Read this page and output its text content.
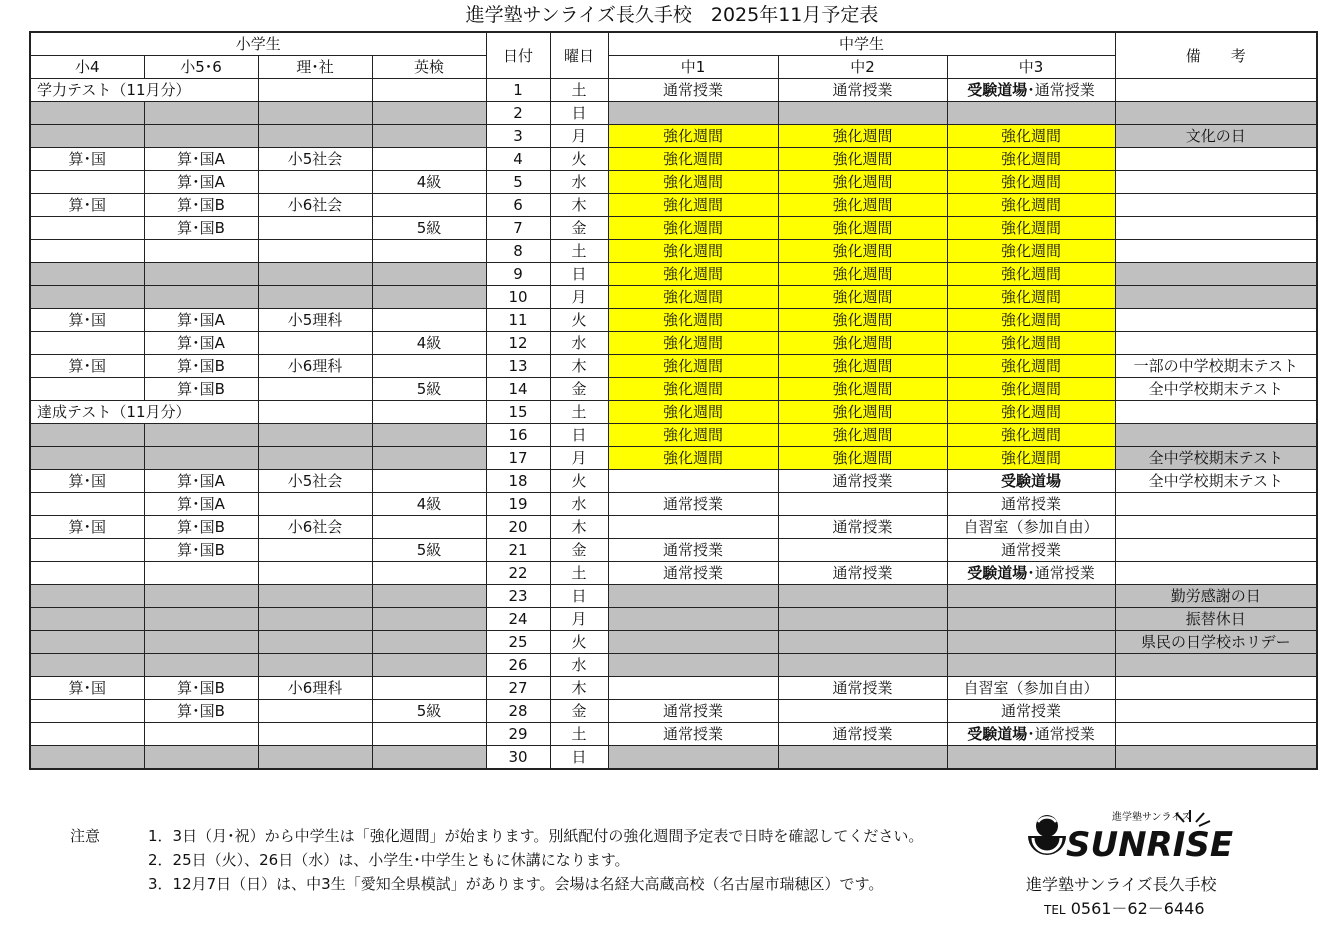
進学塾サンライズ長久手校　2025年11月予定表
小学生				日付	曜日	中学生			備　　考
小4	小5･6	理･社	英検			中1	中2	中3	
学力テスト（11月分）				1	土	通常授業	通常授業	受験道場･通常授業	
				2	日				
				3	月	強化週間	強化週間	強化週間	文化の日
算･国	算･国A	小5社会		4	火	強化週間	強化週間	強化週間	
	算･国A		4級	5	水	強化週間	強化週間	強化週間	
算･国	算･国B	小6社会		6	木	強化週間	強化週間	強化週間	
	算･国B		5級	7	金	強化週間	強化週間	強化週間	
				8	土	強化週間	強化週間	強化週間	
				9	日	強化週間	強化週間	強化週間	
				10	月	強化週間	強化週間	強化週間	
算･国	算･国A	小5理科		11	火	強化週間	強化週間	強化週間	
	算･国A		4級	12	水	強化週間	強化週間	強化週間	
算･国	算･国B	小6理科		13	木	強化週間	強化週間	強化週間	一部の中学校期末テスト
	算･国B		5級	14	金	強化週間	強化週間	強化週間	全中学校期末テスト
達成テスト（11月分）				15	土	強化週間	強化週間	強化週間	
				16	日	強化週間	強化週間	強化週間	
				17	月	強化週間	強化週間	強化週間	全中学校期末テスト
算･国	算･国A	小5社会		18	火		通常授業	受験道場	全中学校期末テスト
	算･国A		4級	19	水	通常授業		通常授業	
算･国	算･国B	小6社会		20	木		通常授業	自習室（参加自由）	
	算･国B		5級	21	金	通常授業		通常授業	
				22	土	通常授業	通常授業	受験道場･通常授業	
				23	日				勤労感謝の日
				24	月				振替休日
				25	火				県民の日学校ホリデー
				26	水				
算･国	算･国B	小6理科		27	木		通常授業	自習室（参加自由）	
	算･国B		5級	28	金	通常授業		通常授業	
				29	土	通常授業	通常授業	受験道場･通常授業	
				30	日				
注意	1．3日（月･祝）から中学生は「強化週間」が始まります。別紙配付の強化週間予定表で日時を確認してください。
2．25日（火）、26日（水）は、小学生･中学生ともに休講になります。
3．12月7日（日）は、中3生「愛知全県模試」があります。会場は名経大高蔵高校（名古屋市瑞穂区）です。
進学塾サンライズ
SUNRISE
進学塾サンライズ長久手校
TEL 0561－62－6446
